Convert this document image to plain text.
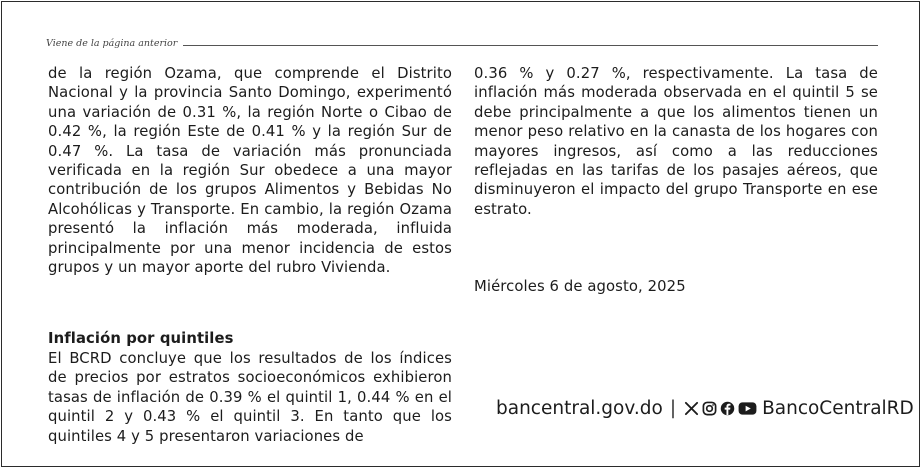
Viene de la página anterior

de la región Ozama, que comprende el Distrito Nacional y la provincia Santo Domingo, experimentó una variación de 0.31 %, la región Norte o Cibao de 0.42 %, la región Este de 0.41 % y la región Sur de 0.47 %. La tasa de variación más pronunciada verificada en la región Sur obedece a una mayor contribución de los grupos Alimentos y Bebidas No Alcohólicas y Transporte. En cambio, la región Ozama presentó la inflación más moderada, influida principalmente por una menor incidencia de estos grupos y un mayor aporte del rubro Vivienda.

Inflación por quintiles

El BCRD concluye que los resultados de los índices de precios por estratos socioeconómicos exhibieron tasas de inflación de 0.39 % el quintil 1, 0.44 % en el quintil 2 y 0.43 % el quintil 3. En tanto que los quintiles 4 y 5 presentaron variaciones de

0.36 % y 0.27 %, respectivamente. La tasa de inflación más moderada observada en el quintil 5 se debe principalmente a que los alimentos tienen un menor peso relativo en la canasta de los hogares con mayores ingresos, así como a las reducciones reflejadas en las tarifas de los pasajes aéreos, que disminuyeron el impacto del grupo Transporte en ese estrato.

Miércoles 6 de agosto, 2025

bancentral.gov.do |	BancoCentralRD
